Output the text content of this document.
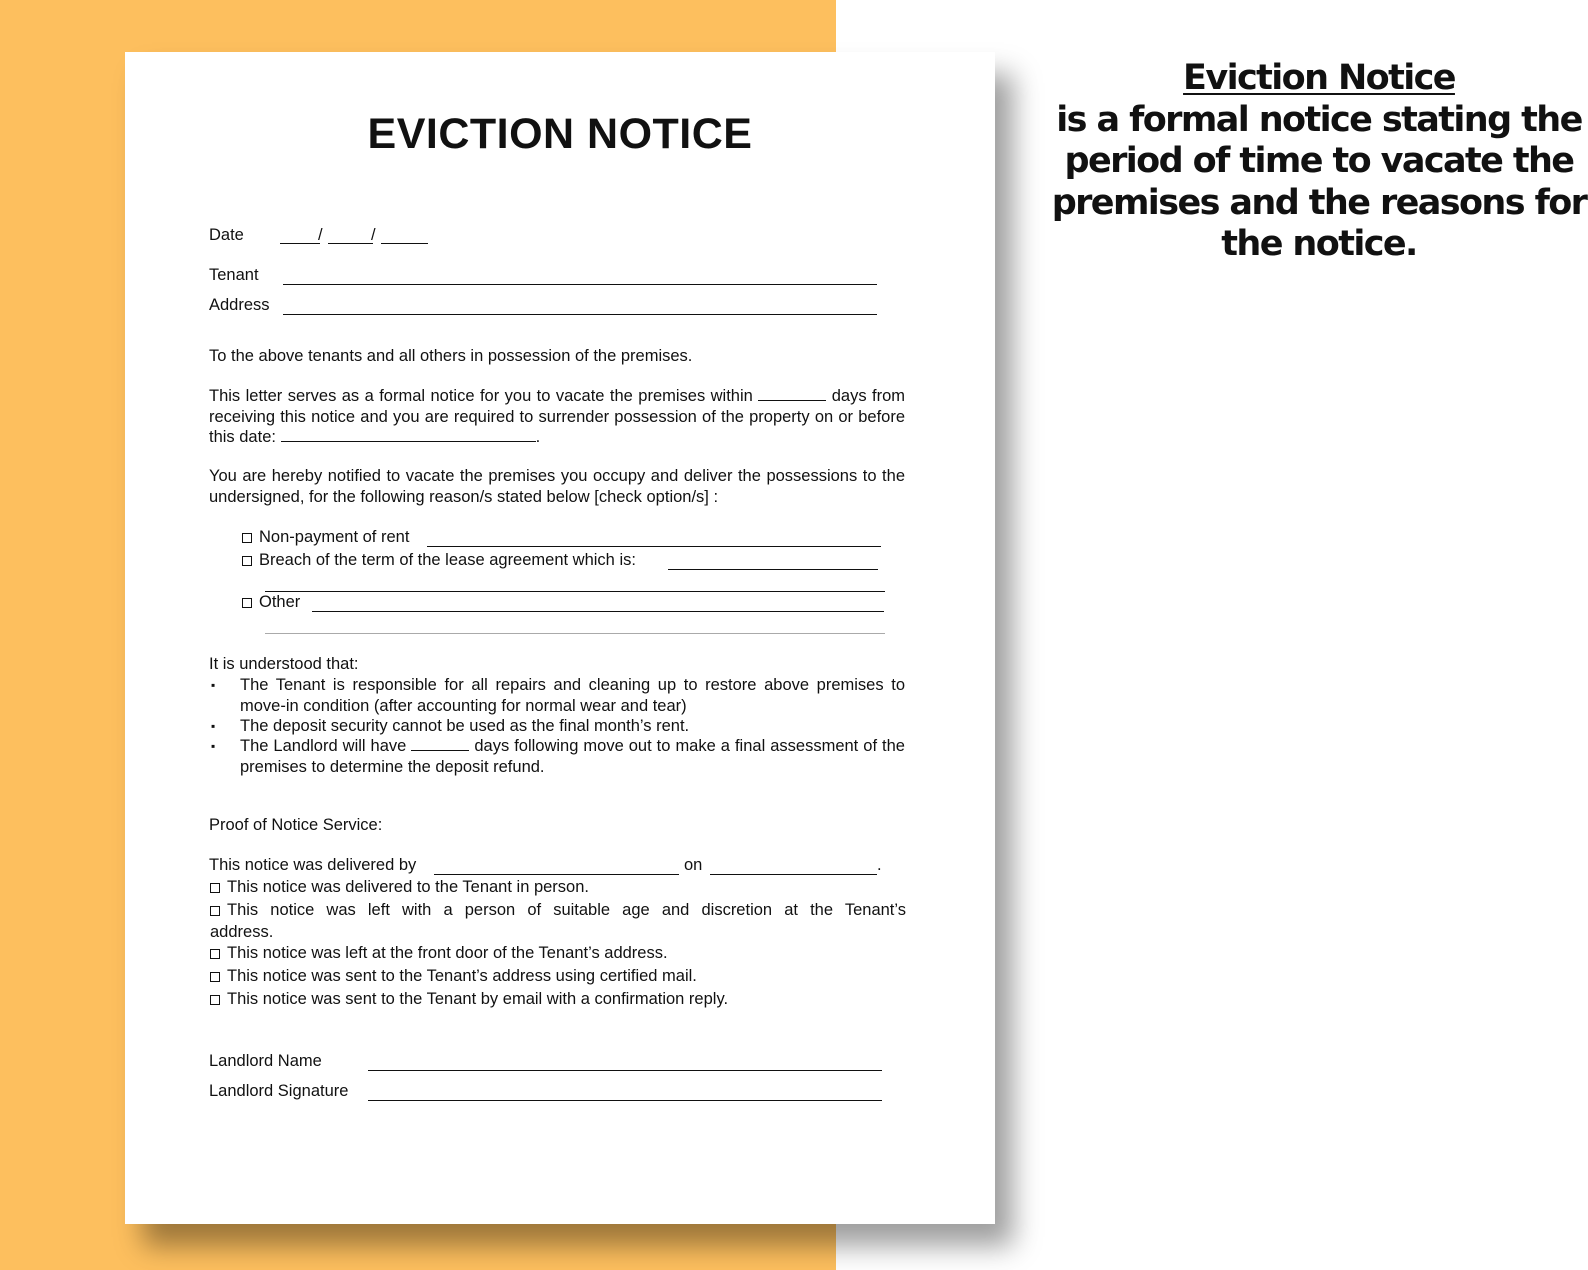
EVICTION NOTICE
Date	/	/
Tenant
Address
To the above tenants and all others in possession of the premises.
This letter serves as a formal notice for you to vacate the premises within	days from receiving this notice and you are required to surrender possession of the property on or before this date:	.
You are hereby notified to vacate the premises you occupy and deliver the possessions to the undersigned, for the following reason/s stated below [check option/s] :
Non-payment of rent
Breach of the term of the lease agreement which is:
Other
It is understood that:
▪ The Tenant is responsible for all repairs and cleaning up to restore above premises to move-in condition (after accounting for normal wear and tear)
▪ The deposit security cannot be used as the final month’s rent.
▪ The Landlord will have	days following move out to make a final assessment of the premises to determine the deposit refund.
Proof of Notice Service:
This notice was delivered by	on	.
This notice was delivered to the Tenant in person.
This notice was left with a person of suitable age and discretion at the Tenant’s address.
This notice was left at the front door of the Tenant’s address.
This notice was sent to the Tenant’s address using certified mail.
This notice was sent to the Tenant by email with a confirmation reply.
Landlord Name
Landlord Signature
Eviction Notice
is a formal notice stating the period of time to vacate the premises and the reasons for the notice.
